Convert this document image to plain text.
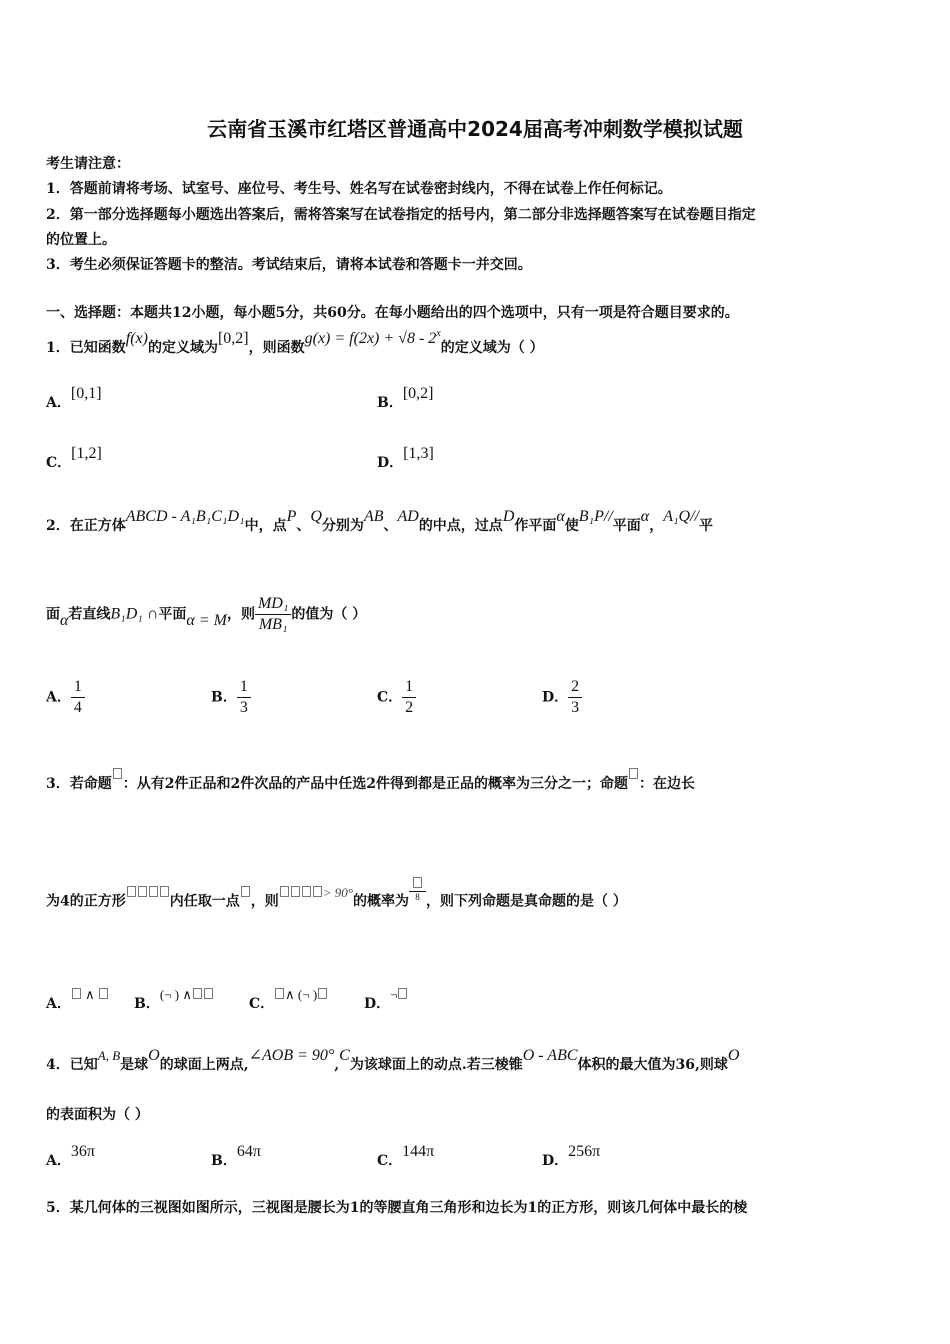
云南省玉溪市红塔区普通高中2024届高考冲刺数学模拟试题
考生请注意：
1．答题前请将考场、试室号、座位号、考生号、姓名写在试卷密封线内，不得在试卷上作任何标记。
2．第一部分选择题每小题选出答案后，需将答案写在试卷指定的括号内，第二部分非选择题答案写在试卷题目指定
的位置上。
3．考生必须保证答题卡的整洁。考试结束后，请将本试卷和答题卡一并交回。
一、选择题：本题共12小题，每小题5分，共60分。在每小题给出的四个选项中，只有一项是符合题目要求的。
1．已知函数f(x)的定义域为[0,2]，则函数g(x) = f(2x) + √8 - 2$^x$的定义域为（ ）
A．[0,1]
B．[0,2]
C．[1,2]
D．[1,3]
2．在正方体ABCD - A₁B₁C₁D₁中，点P、Q分别为AB、AD的中点，过点D作平面α使B₁P//平面α，A₁Q//平
面α若直线B₁D₁ ∩平面α = M，则 $\frac{\text{MD₁}}{\text{MB₁}}$ 的值为（ ）
A． $\frac{1}{4}$	B． $\frac{1}{3}$	C． $\frac{1}{2}$	D． $\frac{2}{3}$
3．若命题 ：从有2件正品和2件次品的产品中任选2件得到都是正品的概率为三分之一；命题 ：在边长
为4的正方形	内任取一点 ，则> 90°的概率为 8 ，则下列命题是真命题的是（ ）
A． ∧
B．(¬ ) ∧
C．∧ (¬ )
D．¬
4．已知A, B是球O的球面上两点,∠AOB = 90°,C为该球面上的动点.若三棱锥O - ABC体积的最大值为36,则球O
的表面积为（ ）
A．36π
B．64π
C．144π
D．256π
5．某几何体的三视图如图所示，三视图是腰长为1的等腰直角三角形和边长为1的正方形，则该几何体中最长的棱
